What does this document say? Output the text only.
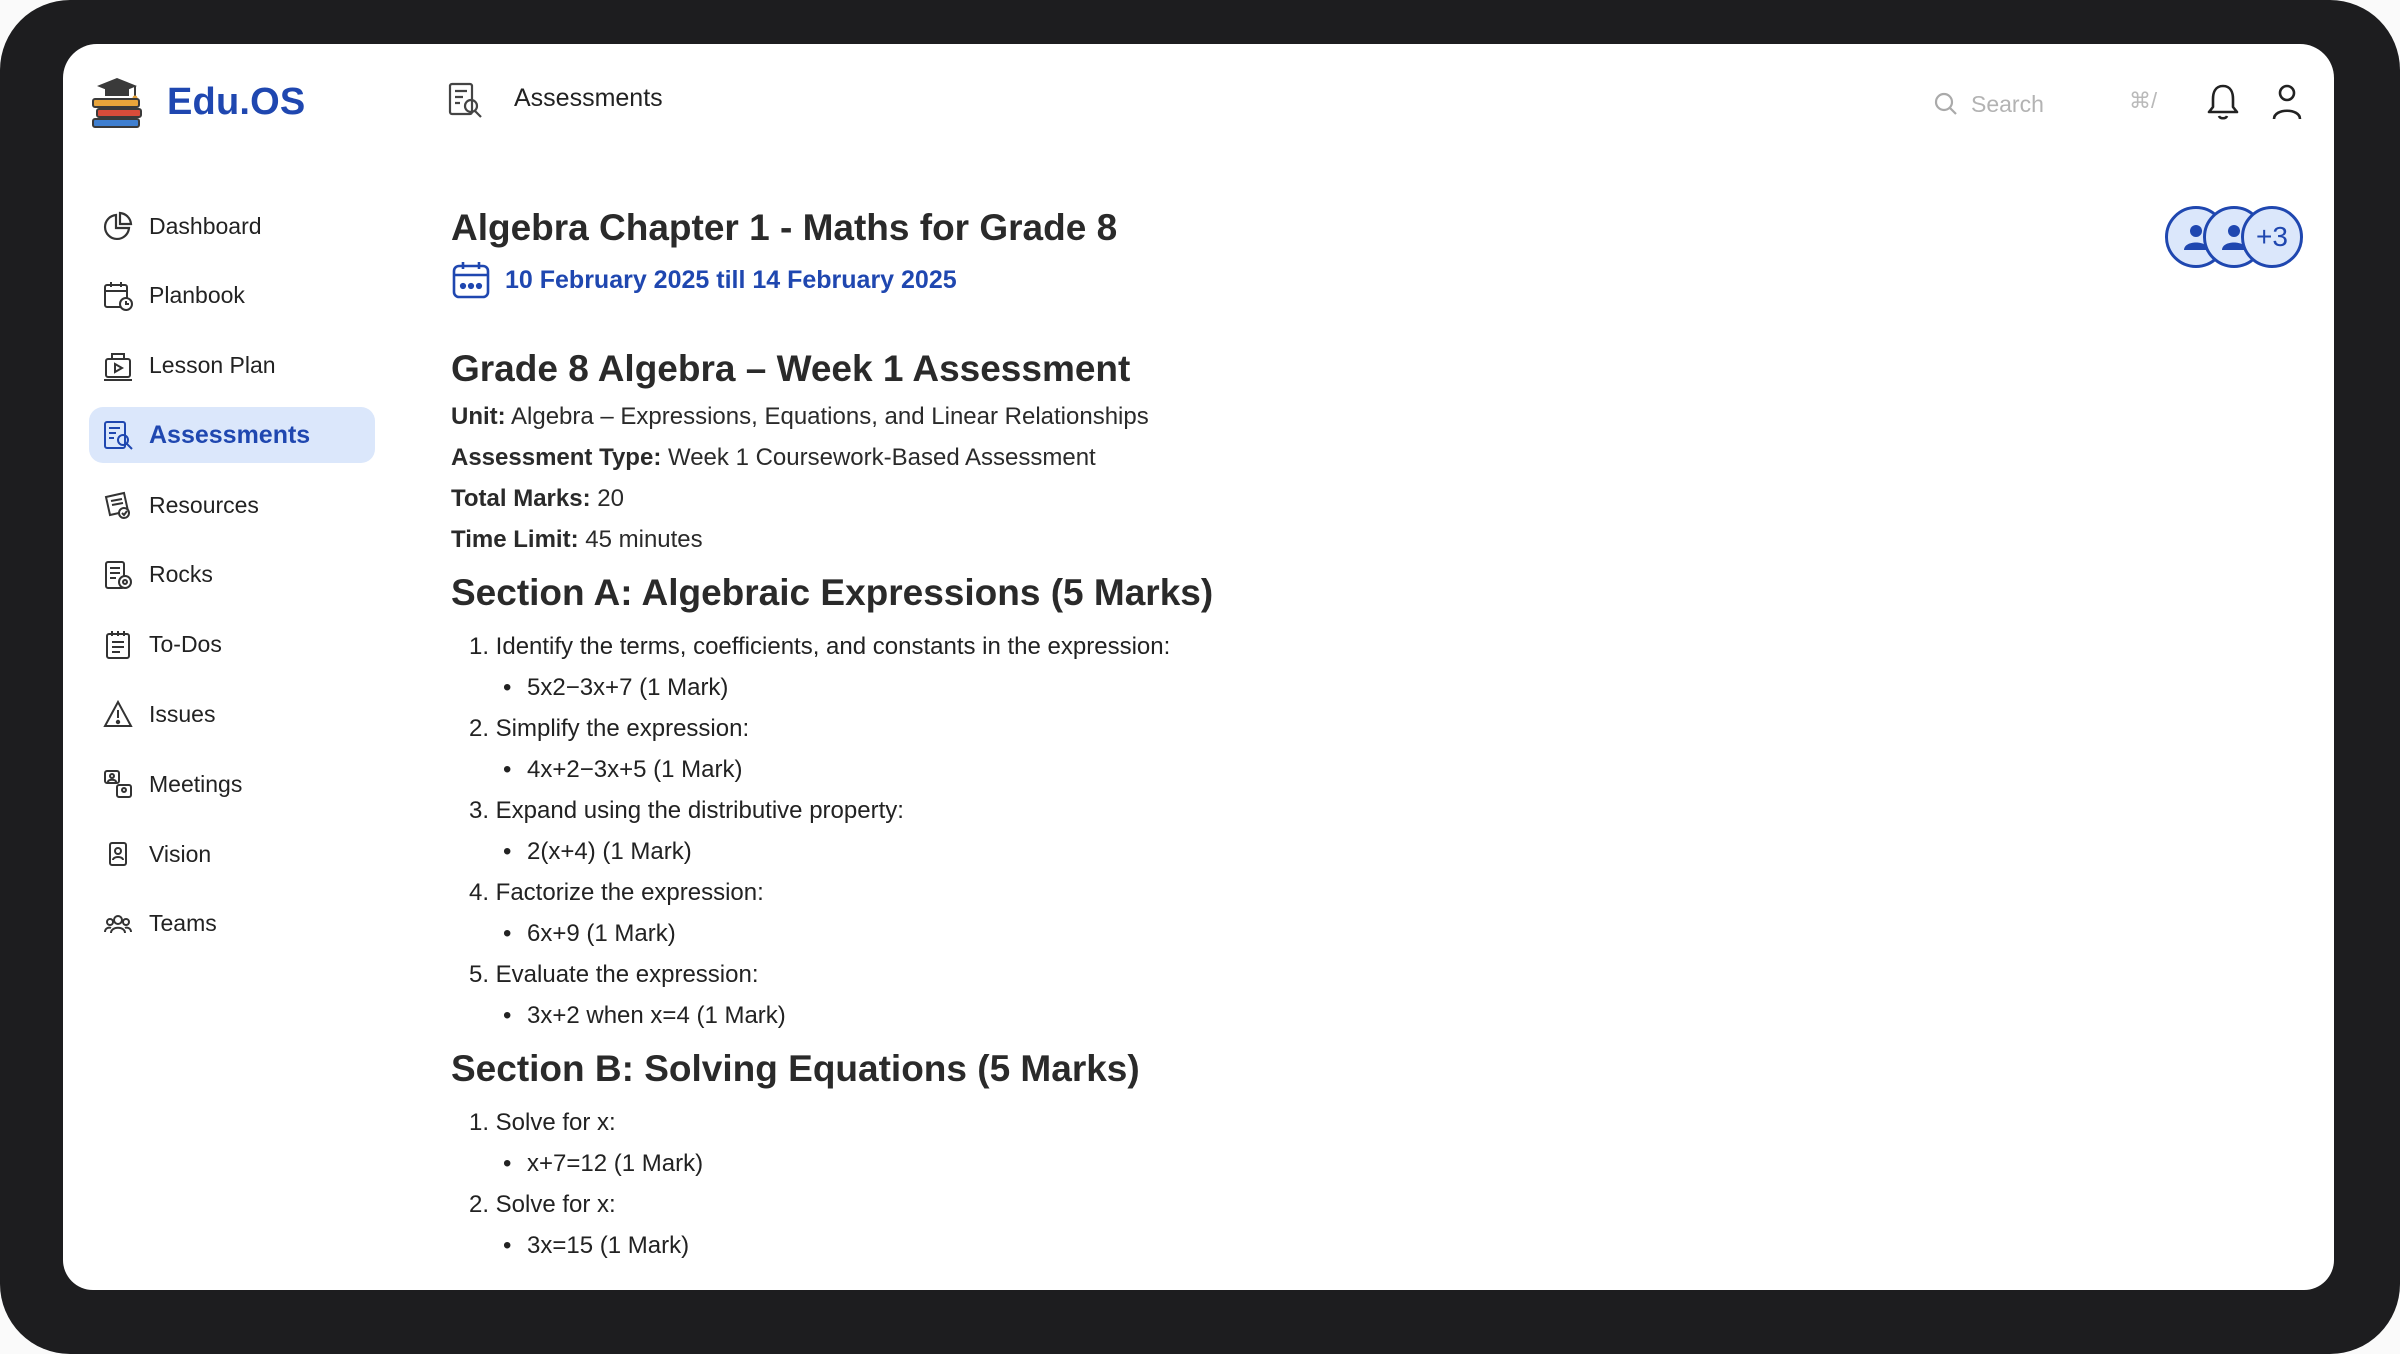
Edu.OS
Dashboard
Planbook
Lesson Plan
Assessments
Resources
Rocks
To-Dos
Issues
Meetings
Vision
Teams
Assessments	Search	⌘/
+3
Algebra Chapter 1 - Maths for Grade 8
10 February 2025 till 14 February 2025
Grade 8 Algebra – Week 1 Assessment
Unit: Algebra – Expressions, Equations, and Linear Relationships
Assessment Type: Week 1 Coursework-Based Assessment
Total Marks: 20
Time Limit: 45 minutes
Section A: Algebraic Expressions (5 Marks)
1. Identify the terms, coefficients, and constants in the expression:
• 5x2−3x+7 (1 Mark)
2. Simplify the expression:
• 4x+2−3x+5 (1 Mark)
3. Expand using the distributive property:
• 2(x+4) (1 Mark)
4. Factorize the expression:
• 6x+9 (1 Mark)
5. Evaluate the expression:
• 3x+2 when x=4 (1 Mark)
Section B: Solving Equations (5 Marks)
1. Solve for x:
• x+7=12 (1 Mark)
2. Solve for x:
• 3x=15 (1 Mark)
